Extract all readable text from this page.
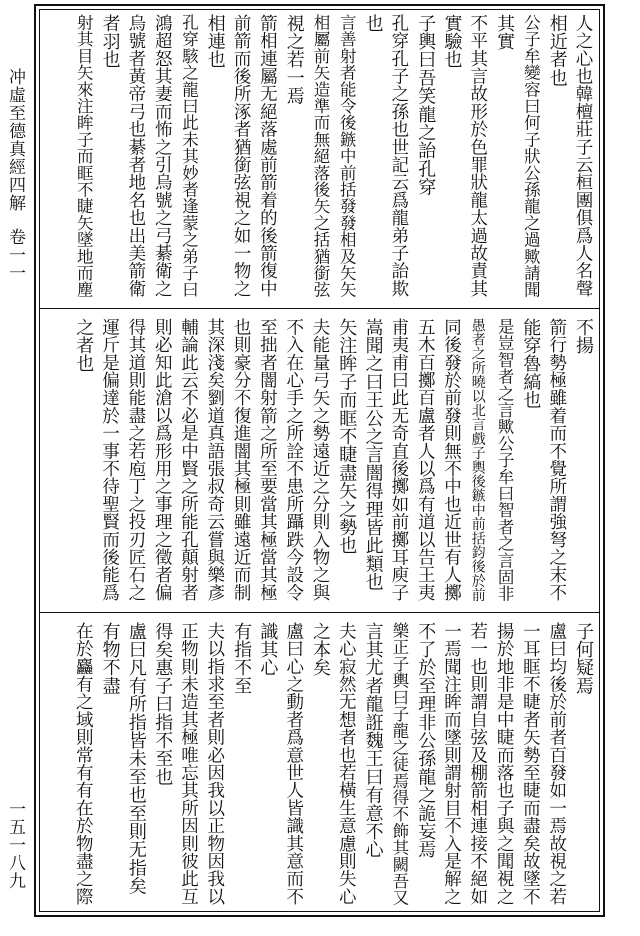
冲虛至德真經四解
卷一一
一五一八九
人之心也韓檀莊子云桓團俱爲人名聲
相近者也
公子牟變容曰何子狀公孫龍之過歟請聞
其實
不平其言故形於色罪狀龍太過故責其
實驗也
子輿曰吾笑龍之詒孔穿
孔穿孔子之孫也世記云爲龍弟子詒欺
也
言善射者能令後鏃中前括發發相及矢矢
相屬前矢造準而無絕落後矢之括猶銜弦
視之若一焉
箭相連屬无絕落處前箭着的後箭復中
前箭而後所涿者猶銜弦視之如一物之
相連也
孔穿駭之龍曰此未其妙者逢蒙之弟子曰
鴻超怒其妻而怖之引烏號之弓綦衛之
烏號者黃帝弓也綦者地名也出美箭衛
者羽也
射其目矢來注眸子而眶不睫矢墜地而塵
不揚
箭行勢極雖着而不覺所謂強弩之末不
能穿魯縞也
是豈智者之言歟公子牟曰智者之言固非
愚者之所曉以北言戲子輿後鏃中前括鈞後於前
同後發於前發則無不中也近世有人擲
五木百擲百盧者人以爲有道以告王夷
甫夷甫曰此无奇直後擲如前擲耳庾子
嵩聞之曰王公之言闇得理皆此類也
矢注眸子而眶不睫盡矢之勢也
夫能量弓矢之勢遠近之分則入物之與
不入在心手之所詮不患所躡跌今設令
至拙者闇射箭之所至要當其極當其極
也則豪分不復進闇其極則雖遠近而制
其深淺矣劉道真語張叔奇云嘗與樂彥
輔論此云不必是中賢之所能孔顛射者
則必知此滄以爲形用之事理之徵者偏
得其道則能盡之若庖丁之投刃匠石之
運斤是偏達於一事不待聖賢而後能爲
之者也
子何疑焉
盧曰均後於前者百發如一焉故視之若
一耳眶不睫者矢勢至睫而盡矣故墜不
揚於地非是中睫而落也子與之聞視之
若一也則謂自弦及棚箭相連接不絕如
一焉聞注眸而墜則謂射目不入是解之
不了於至理非公孫龍之詭妄焉
樂正子輿曰子龍之徒焉得不飾其闕吾又
言其尤者龍誑魏王曰有意不心
夫心寂然无想者也若橫生意慮則失心
之本矣
盧曰心之動者爲意世人皆識其意而不
識其心
有指不至
夫以指求至者則必因我以正物因我以
正物則未造其極唯忘其所因則彼此互
得矣惠子曰指不至也
盧曰凡有所指皆未至也至則无指矣
有物不盡
在於麤有之域則常有有在於物盡之際
